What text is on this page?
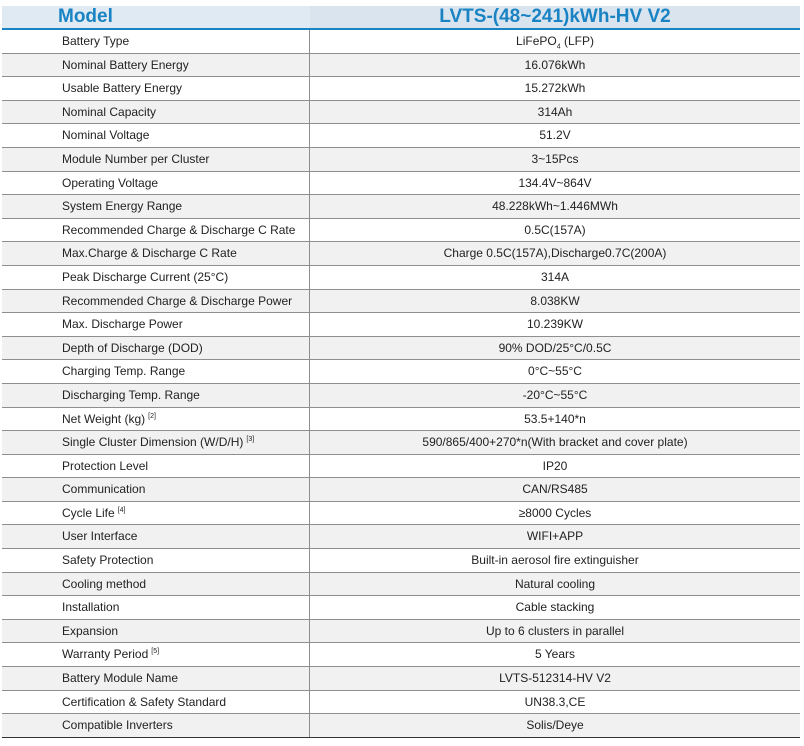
Model	LVTS-(48~241)kWh-HV V2
Battery Type	LiFePO$_4$ (LFP)
Nominal Battery Energy	16.076kWh
Usable Battery Energy	15.272kWh
Nominal Capacity	314Ah
Nominal Voltage	51.2V
Module Number per Cluster	3~15Pcs
Operating Voltage	134.4V~864V
System Energy Range	48.228kWh~1.446MWh
Recommended Charge & Discharge C Rate	0.5C(157A)
Max.Charge & Discharge C Rate	Charge 0.5C(157A),Discharge0.7C(200A)
Peak Discharge Current (25°C)	314A
Recommended Charge & Discharge Power	8.038KW
Max. Discharge Power	10.239KW
Depth of Discharge (DOD)	90% DOD/25°C/0.5C
Charging Temp. Range	0°C~55°C
Discharging Temp. Range	-20°C~55°C
Net Weight (kg) [2]	53.5+140*n
Single Cluster Dimension (W/D/H) [3]	590/865/400+270*n(With bracket and cover plate)
Protection Level	IP20
Communication	CAN/RS485
Cycle Life [4]	≥8000 Cycles
User Interface	WIFI+APP
Safety Protection	Built-in aerosol fire extinguisher
Cooling method	Natural cooling
Installation	Cable stacking
Expansion	Up to 6 clusters in parallel
Warranty Period [5]	5 Years
Battery Module Name	LVTS-512314-HV V2
Certification & Safety Standard	UN38.3,CE
Compatible Inverters	Solis/Deye
